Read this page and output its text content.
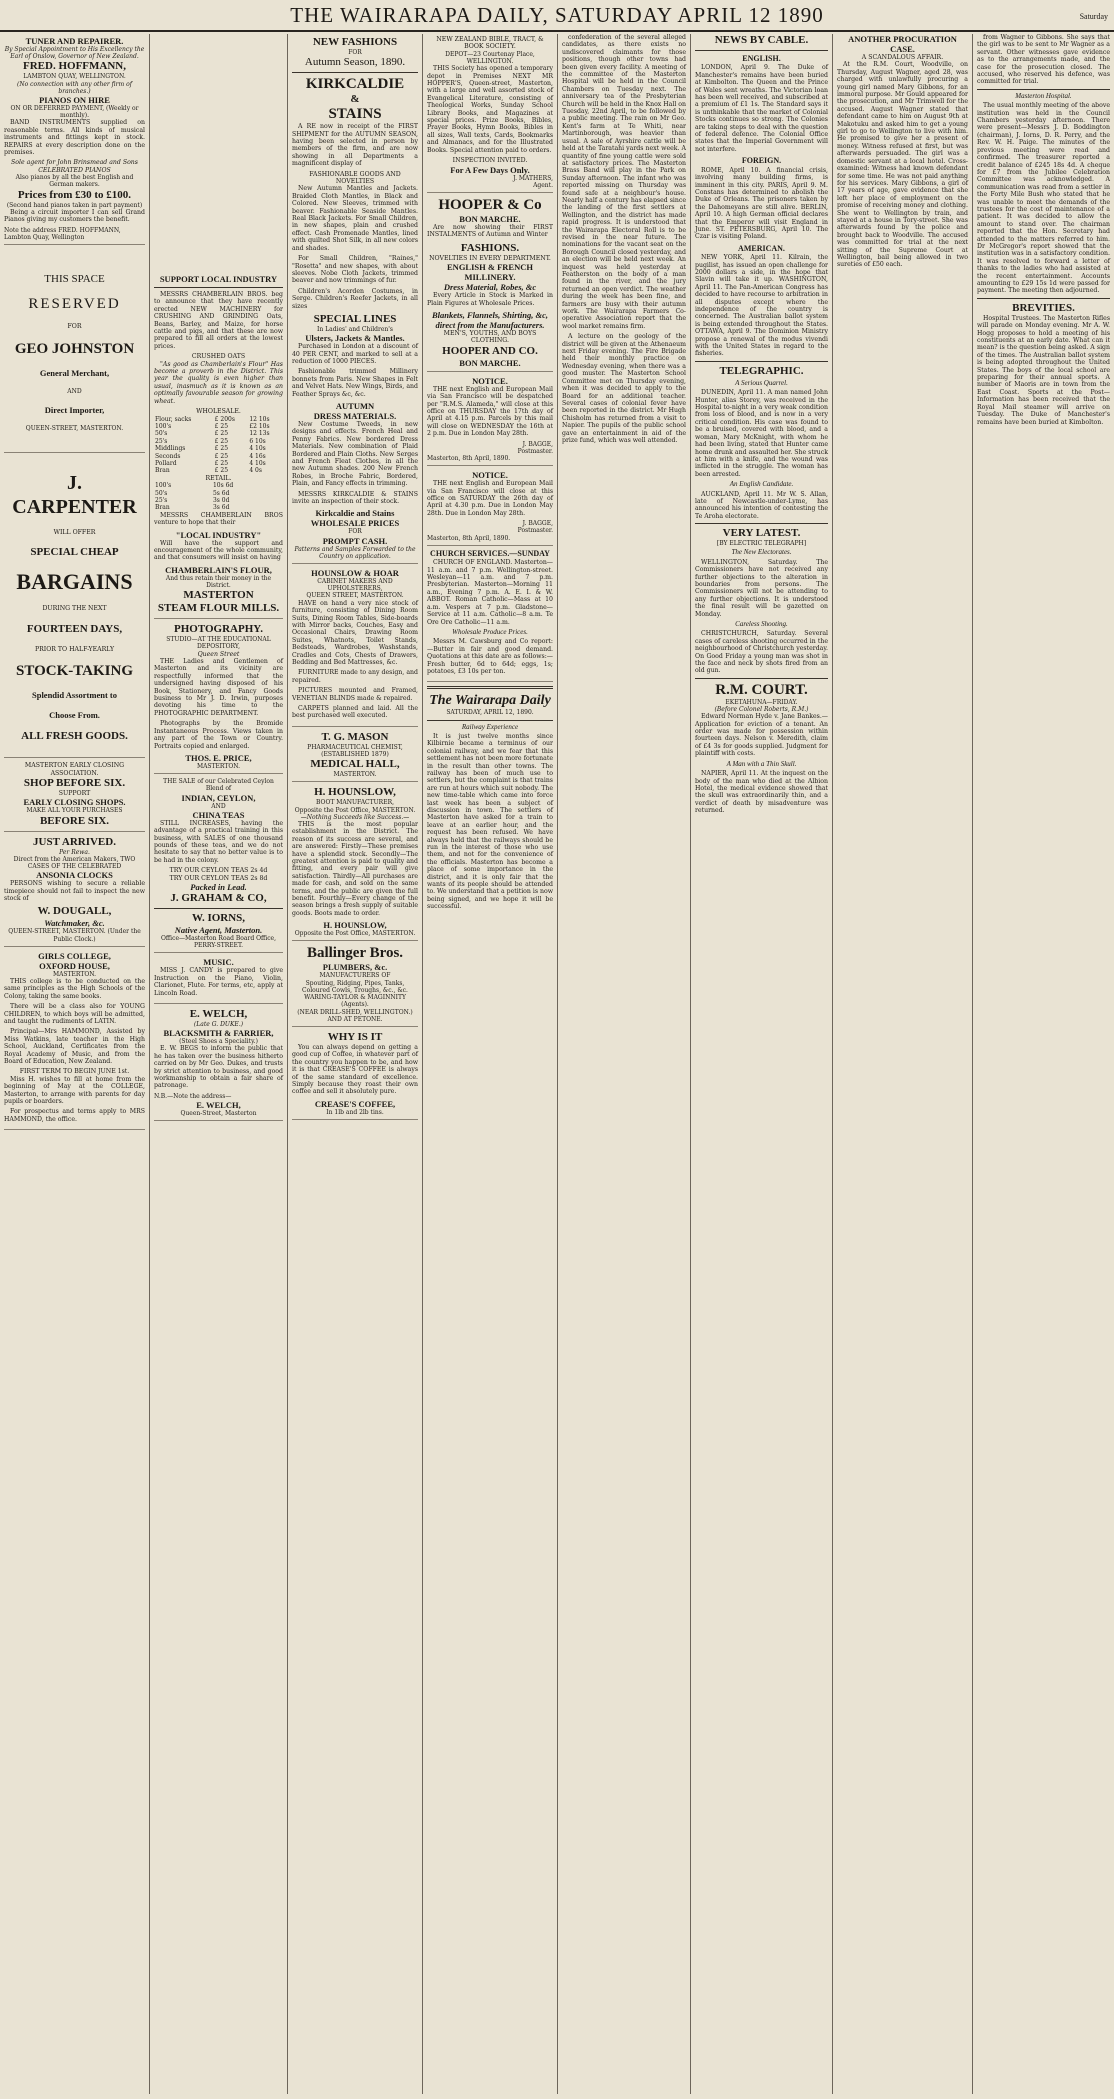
THE WAIRARAPA DAILY, SATURDAY APRIL 12 1890	Saturday
TUNER AND REPAIRER.
By Special Appointment to His Excellency the Earl of Onslow, Governor of New Zealand.
FRED. HOFFMANN,
LAMBTON QUAY, WELLINGTON.
(No connection with any other firm of branches.)
PIANOS ON HIRE
ON OR DEFERRED PAYMENT, (Weekly or monthly).

BAND INSTRUMENTS supplied on reasonable terms. All kinds of musical instruments and fittings kept in stock. REPAIRS at every description done on the premises.

Sole agent for John Brinsmead and Sons CELEBRATED PIANOS
Also pianos by all the best English and German makers.
Prices from £30 to £100.
(Second hand pianos taken in part payment)

Being a circuit importer I can sell Grand Pianos giving my customers the benefit.

Note the address FRED. HOFFMANN, Lambton Quay, Wellington
THIS SPACE
RESERVED
FOR
GEO JOHNSTON
General Merchant,
AND
Direct Importer,
QUEEN-STREET, MASTERTON.
J. CARPENTER
WILL OFFER
SPECIAL CHEAP
BARGAINS
DURING THE NEXT
FOURTEEN DAYS,
PRIOR TO HALF-YEARLY
STOCK-TAKING
Splendid Assortment to
Choose From.
ALL FRESH GOODS.
MASTERTON EARLY CLOSING ASSOCIATION.
SHOP BEFORE SIX.
SUPPORT
EARLY CLOSING SHOPS.
MAKE ALL YOUR PURCHASES
BEFORE SIX.
JUST ARRIVED.
Per Rewa.
Direct from the American Makers, TWO CASES OF THE CELEBRATED
ANSONIA CLOCKS

PERSONS wishing to secure a reliable timepiece should not fail to inspect the new stock of

W. DOUGALL,
Watchmaker, &c.
QUEEN-STREET, MASTERTON. (Under the Public Clock.)
GIRLS COLLEGE,
OXFORD HOUSE,
MASTERTON.

THIS college is to be conducted on the same principles as the High Schools of the Colony, taking the same books.

There will be a class also for YOUNG CHILDREN, to which boys will be admitted, and taught the rudiments of LATIN.

Principal—Mrs HAMMOND, Assisted by Miss Watkins, late teacher in the High School, Auckland, Certificates from the Royal Academy of Music, and from the Board of Education, New Zealand.

FIRST TERM TO BEGIN JUNE 1st.

Miss H. wishes to fill at home from the beginning of May at the COLLEGE, Masterton, to arrange with parents for day pupils or boarders.

For prospectus and terms apply to MRS HAMMOND, the office.

SUPPORT LOCAL INDUSTRY

MESSRS CHAMBERLAIN BROS. beg to announce that they have recently erected NEW MACHINERY for CRUSHING AND GRINDING Oats, Beans, Barley, and Maize, for horse cattle and pigs, and that these are now prepared to fill all orders at the lowest prices.

CRUSHED OATS

"As good as Chamberlain's Flour" Has become a proverb in the District. This year the quality is even higher than usual, inasmuch as it is known as an optimally favourable season for growing wheat.

WHOLESALE.
Flour, sacks	£ 200s	12 10s
100's	£ 25	£2 10s
50's	£ 25	12 13s
25's	£ 25	6 10s
Middlings	£ 25	4 10s
Seconds	£ 25	4 16s
Pollard	£ 25	4 10s
Bran	£ 25	4 0s
RETAIL.
100's	10s 6d
50's	5s 6d
25's	3s 0d
Bran	3s 6d

MESSRS CHAMBERLAIN BROS venture to hope that their

"LOCAL INDUSTRY"

Will have the support and encouragement of the whole community, and that consumers will insist on having

CHAMBERLAIN'S FLOUR,
And thus retain their money in the District.
MASTERTON
STEAM FLOUR MILLS.
PHOTOGRAPHY.
STUDIO—AT THE EDUCATIONAL DEPOSITORY,
Queen Street

THE Ladies and Gentlemen of Masterton and its vicinity are respectfully informed that the undersigned having disposed of his Book, Stationery, and Fancy Goods business to Mr J. D. Irwin, purposes devoting his time to the PHOTOGRAPHIC DEPARTMENT.

Photographs by the Bromide Instantaneous Process. Views taken in any part of the Town or Country. Portraits copied and enlarged.

THOS. E. PRICE,
MASTERTON.
THE SALE of our Celebrated Ceylon Blend of
INDIAN, CEYLON,
AND
CHINA TEAS

STILL INCREASES, having the advantage of a practical training in this business, with SALES of one thousand pounds of these teas, and we do not hesitate to say that no better value is to be had in the colony.

TRY OUR CEYLON TEAS 2s 4d
TRY OUR CEYLON TEAS 2s 8d
Packed in Lead.
J. GRAHAM & CO,
W. IORNS,
Native Agent, Masterton.
Office—Masterton Road Board Office,
PERRY-STREET.
MUSIC.

MISS J. CANDY is prepared to give Instruction on the Piano, Violin, Clarionet, Flute. For terms, etc, apply at Lincoln Road.

E. WELCH,
(Late G. DUKE.)
BLACKSMITH & FARRIER,
(Steel Shoes a Speciality.)

E. W. BEGS to inform the public that he has taken over the business hitherto carried on by Mr Geo. Dukes, and trusts by strict attention to business, and good workmanship to obtain a fair share of patronage.

N.B.—Note the address—
E. WELCH,
Queen-Street, Masterton
NEW FASHIONS
FOR
Autumn Season, 1890.
KIRKCALDIE
&
STAINS

A RE now in receipt of the FIRST SHIPMENT for the AUTUMN SEASON, having been selected in person by members of the firm, and are now showing in all Departments a magnificent display of

FASHIONABLE GOODS AND NOVELTIES

New Autumn Mantles and Jackets. Braided Cloth Mantles, in Black and Colored. New Sleeves, trimmed with beaver. Fashionable Seaside Mantles. Real Black Jackets. For Small Children, in new shapes, plain and crushed effect. Cash Promenade Mantles, lined with quilted Shot Silk, in all new colors and shades.

For Small Children, "Raines," "Rosetta" and new shapes, with about sleeves. Nobe Cloth Jackets, trimmed beaver and now trimmings of fur.

Children's Acorden Costumes, in Serge. Children's Reefer Jackets, in all sizes

SPECIAL LINES
In Ladies' and Children's
Ulsters, Jackets & Mantles.

Purchased in London at a discount of 40 PER CENT, and marked to sell at a reduction of 1000 PIECES.

Fashionable trimmed Millinery bonnets from Paris. New Shapes in Felt and Velvet Hats. New Wings, Birds, and Feather Sprays &c, &c.

AUTUMN
DRESS MATERIALS.

New Costume Tweeds, in new designs and effects. French Heal and Penny Fabrics. New bordered Dress Materials. New combination of Plaid Bordered and Plain Cloths. New Serges and French Fleat Clothes, in all the new Autumn shades. 200 New French Robes, in Broche Fabric, Bordered, Plain, and Fancy effects in trimming.

MESSRS KIRKCALDIE & STAINS invite an inspection of their stock.

Kirkcaldie and Stains
WHOLESALE PRICES
FOR
PROMPT CASH.
Patterns and Samples Forwarded to the Country on application.
HOUNSLOW & HOAR
CABINET MAKERS AND UPHOLSTERERS,
QUEEN STREET, MASTERTON.

HAVE on hand a very nice stock of furniture, consisting of Dining Room Suits, Dining Room Tables, Side-boards with Mirror backs, Couches, Easy and Occasional Chairs, Drawing Room Suites, Whatnots, Toilet Stands, Bedsteads, Wardrobes, Washstands, Cradles and Cots, Chests of Drawers, Bedding and Bed Mattresses, &c.

FURNITURE made to any design, and repaired.

PICTURES mounted and Framed, VENETIAN BLINDS made & repaired.

CARPETS planned and laid. All the best purchased well executed.

T. G. MASON
PHARMACEUTICAL CHEMIST,
(ESTABLISHED 1879)
MEDICAL HALL,
MASTERTON.
H. HOUNSLOW,
BOOT MANUFACTURER,
Opposite the Post Office, MASTERTON.
—Nothing Succeeds like Success.—

THIS is the most popular establishment in the District. The reason of its success are several, and are answered: Firstly—These premises have a splendid stock. Secondly—The greatest attention is paid to quality and fitting, and every pair will give satisfaction. Thirdly—All purchases are made for cash, and sold on the same terms, and the public are given the full benefit. Fourthly—Every change of the season brings a fresh supply of suitable goods. Boots made to order.

H. HOUNSLOW,
Opposite the Post Office, MASTERTON.
Ballinger Bros.
PLUMBERS, &c.
MANUFACTURERS OF
Spouting, Ridging, Pipes, Tanks, Coloured Cowls, Troughs, &c., &c.
WARING-TAYLOR & MAGINNITY (Agents).
(NEAR DRILL-SHED, WELLINGTON.)
AND AT PETONE.
WHY IS IT

You can always depend on getting a good cup of Coffee, in whatever part of the country you happen to be, and how it is that CREASE'S COFFEE is always of the same standard of excellence. Simply because they roast their own coffee and sell it absolutely pure.

CREASE'S COFFEE,
In 1lb and 2lb tins.
NEW ZEALAND BIBLE, TRACT, & BOOK SOCIETY.
DEPOT—23 Courtenay Place, WELLINGTON.

THIS Society has opened a temporary depot in Premises NEXT MR HOPPER'S, Queen-street, Masterton, with a large and well assorted stock of Evangelical Literature, consisting of Theological Works, Sunday School Library Books, and Magazines at special prices. Prize Books, Bibles, Prayer Books, Hymn Books, Bibles in all sizes, Wall texts, Cards, Bookmarks and Almanacs, and for the Illustrated Books. Special attention paid to orders.

INSPECTION INVITED.
For A Few Days Only.
J. MATHERS,
Agent.
HOOPER & Co
BON MARCHE.

Are now showing their FIRST INSTALMENTS of Autumn and Winter

FASHIONS.
NOVELTIES IN EVERY DEPARTMENT.
ENGLISH & FRENCH MILLINERY.
Dress Material, Robes, &c

Every Article in Stock is Marked in Plain Figures at Wholesale Prices.

Blankets, Flannels, Shirting, &c, direct from the Manufacturers.
MEN'S, YOUTHS, AND BOYS CLOTHING.
HOOPER AND CO.
BON MARCHE.
NOTICE.

THE next English and European Mail via San Francisco will be despatched per "R.M.S. Alameda," will close at this office on THURSDAY the 17th day of April at 4.15 p.m. Parcels by this mail will close on WEDNESDAY the 16th at 2 p.m. Due in London May 28th.

J. BAGGE,
Postmaster.
Masterton, 8th April, 1890.
NOTICE.

THE next English and European Mail via San Francisco will close at this office on SATURDAY the 26th day of April at 4.30 p.m. Due in London May 28th. Due in London May 28th.

J. BAGGE,
Postmaster.
Masterton, 8th April, 1890.
CHURCH SERVICES.—SUNDAY

CHURCH OF ENGLAND. Masterton—11 a.m. and 7 p.m. Wellington-street. Wesleyan—11 a.m. and 7 p.m. Presbyterian. Masterton—Morning 11 a.m., Evening 7 p.m. A. E. I. & W. ABBOT. Roman Catholic—Mass at 10 a.m. Vespers at 7 p.m. Gladstone—Service at 11 a.m. Catholic—8 a.m. Te Ore Ore Catholic—11 a.m.

Wholesale Produce Prices.

Messrs M. Cawsburg and Co report:—Butter in fair and good demand. Quotations at this date are as follows:—Fresh butter, 6d to 64d; eggs, 1s; potatoes, £3 10s per ton.

The Wairarapa Daily
SATURDAY, APRIL 12, 1890.
Railway Experience

It is just twelve months since Kilbirnie became a terminus of our colonial railway, and we fear that this settlement has not been more fortunate in the result than other towns. The railway has been of much use to settlers, but the complaint is that trains are run at hours which suit nobody. The new time-table which came into force last week has been a subject of discussion in town. The settlers of Masterton have asked for a train to leave at an earlier hour, and the request has been refused. We have always held that the railways should be run in the interest of those who use them, and not for the convenience of the officials. Masterton has become a place of some importance in the district, and it is only fair that the wants of its people should be attended to. We understand that a petition is now being signed, and we hope it will be successful.

confederation of the several alleged candidates, as there exists no undiscovered claimants for those positions, though other towns had been given every facility. A meeting of the committee of the Masterton Hospital will be held in the Council Chambers on Tuesday next. The anniversary tea of the Presbyterian Church will be held in the Knox Hall on Tuesday, 22nd April, to be followed by a public meeting. The rain on Mr Geo. Kent's farm at Te Whiti, near Martinborough, was heavier than usual. A sale of Ayrshire cattle will be held at the Taratahi yards next week. A quantity of fine young cattle were sold at satisfactory prices. The Masterton Brass Band will play in the Park on Sunday afternoon. The infant who was reported missing on Thursday was found safe at a neighbour's house. Nearly half a century has elapsed since the landing of the first settlers at Wellington, and the district has made rapid progress. It is understood that the Wairarapa Electoral Roll is to be revised in the near future. The nominations for the vacant seat on the Borough Council closed yesterday, and an election will be held next week. An inquest was held yesterday at Featherston on the body of a man found in the river, and the jury returned an open verdict. The weather during the week has been fine, and farmers are busy with their autumn work. The Wairarapa Farmers Co-operative Association report that the wool market remains firm.

A lecture on the geology of the district will be given at the Athenaeum next Friday evening. The Fire Brigade held their monthly practice on Wednesday evening, when there was a good muster. The Masterton School Committee met on Thursday evening, when it was decided to apply to the Board for an additional teacher. Several cases of colonial fever have been reported in the district. Mr Hugh Chisholm has returned from a visit to Napier. The pupils of the public school gave an entertainment in aid of the prize fund, which was well attended.

NEWS BY CABLE.
ENGLISH.

LONDON, April 9. The Duke of Manchester's remains have been buried at Kimbolton. The Queen and the Prince of Wales sent wreaths. The Victorian loan has been well received, and subscribed at a premium of £1 1s. The Standard says it is unthinkable that the market of Colonial Stocks continues so strong. The Colonies are taking steps to deal with the question of federal defence. The Colonial Office states that the Imperial Government will not interfere.

FOREIGN.

ROME, April 10. A financial crisis, involving many building firms, is imminent in this city. PARIS, April 9. M. Constans has determined to abolish the Duke of Orleans. The prisoners taken by the Dahomeyans are still alive. BERLIN, April 10. A high German official declares that the Emperor will visit England in June. ST. PETERSBURG, April 10. The Czar is visiting Poland.

AMERICAN.

NEW YORK, April 11. Kilrain, the pugilist, has issued an open challenge for 2000 dollars a side, in the hope that Slavin will take it up. WASHINGTON, April 11. The Pan-American Congress has decided to have recourse to arbitration in all disputes except where the independence of the country is concerned. The Australian ballot system is being extended throughout the States. OTTAWA, April 9. The Dominion Ministry propose a renewal of the modus vivendi with the United States in regard to the fisheries.

TELEGRAPHIC.
A Serious Quarrel.

DUNEDIN, April 11. A man named John Hunter, alias Storey, was received in the Hospital to-night in a very weak condition from loss of blood, and is now in a very critical condition. His case was found to be a bruised, covered with blood, and a woman, Mary McKnight, with whom he had been living, stated that Hunter came home drunk and assaulted her. She struck at him with a knife, and the wound was inflicted in the struggle. The woman has been arrested.

An English Candidate.

AUCKLAND, April 11. Mr W. S. Allan, late of Newcastle-under-Lyme, has announced his intention of contesting the Te Aroha electorate.

VERY LATEST.
[BY ELECTRIC TELEGRAPH]
The New Electorates.

WELLINGTON, Saturday. The Commissioners have not received any further objections to the alteration in boundaries from persons. The Commissioners will not be attending to any further objections. It is understood the final result will be gazetted on Monday.

Careless Shooting.

CHRISTCHURCH, Saturday. Several cases of careless shooting occurred in the neighbourhood of Christchurch yesterday. On Good Friday a young man was shot in the face and neck by shots fired from an old gun.

R.M. COURT.
EKETAHUNA—FRIDAY.
(Before Colonel Roberts, R.M.)

Edward Norman Hyde v. Jane Bankes.—Application for eviction of a tenant. An order was made for possession within fourteen days. Nelson v. Meredith, claim of £4 3s for goods supplied. Judgment for plaintiff with costs.

A Man with a Thin Skull.

NAPIER, April 11. At the inquest on the body of the man who died at the Albion Hotel, the medical evidence showed that the skull was extraordinarily thin, and a verdict of death by misadventure was returned.

ANOTHER PROCURATION CASE.
A SCANDALOUS AFFAIR.

At the R.M. Court, Woodville, on Thursday, August Wagner, aged 28, was charged with unlawfully procuring a young girl named Mary Gibbons, for an immoral purpose. Mr Gould appeared for the prosecution, and Mr Trimwell for the accused. August Wagner stated that defendant came to him on August 9th at Makotuku and asked him to get a young girl to go to Wellington to live with him. He promised to give her a present of money. Witness refused at first, but was afterwards persuaded. The girl was a domestic servant at a local hotel. Cross-examined: Witness had known defendant for some time. He was not paid anything for his services. Mary Gibbons, a girl of 17 years of age, gave evidence that she left her place of employment on the promise of receiving money and clothing. She went to Wellington by train, and stayed at a house in Tory-street. She was afterwards found by the police and brought back to Woodville. The accused was committed for trial at the next sitting of the Supreme Court at Wellington, bail being allowed in two sureties of £50 each.

from Wagner to Gibbons. She says that the girl was to be sent to Mr Wagner as a servant. Other witnesses gave evidence as to the arrangements made, and the case for the prosecution closed. The accused, who reserved his defence, was committed for trial.

Masterton Hospital.

The usual monthly meeting of the above institution was held in the Council Chambers yesterday afternoon. There were present—Messrs J. D. Boddington (chairman), J. Iorns, D. R. Perry, and the Rev. W. H. Paige. The minutes of the previous meeting were read and confirmed. The treasurer reported a credit balance of £245 18s 4d. A cheque for £7 from the Jubilee Celebration Committee was acknowledged. A communication was read from a settler in the Forty Mile Bush who stated that he was unable to meet the demands of the trustees for the cost of maintenance of a patient. It was decided to allow the amount to stand over. The chairman reported that the Hon. Secretary had attended to the matters referred to him. Dr McGregor's report showed that the institution was in a satisfactory condition. It was resolved to forward a letter of thanks to the ladies who had assisted at the recent entertainment. Accounts amounting to £29 15s 1d were passed for payment. The meeting then adjourned.

BREVITIES.

Hospital Trustees. The Masterton Rifles will parade on Monday evening. Mr A. W. Hogg proposes to hold a meeting of his constituents at an early date. What can it mean? is the question being asked. A sign of the times. The Australian ballot system is being adopted throughout the United States. The boys of the local school are preparing for their annual sports. A number of Maoris are in town from the East Coast. Sports at the Post—Information has been received that the Royal Mail steamer will arrive on Tuesday. The Duke of Manchester's remains have been buried at Kimbolton.
